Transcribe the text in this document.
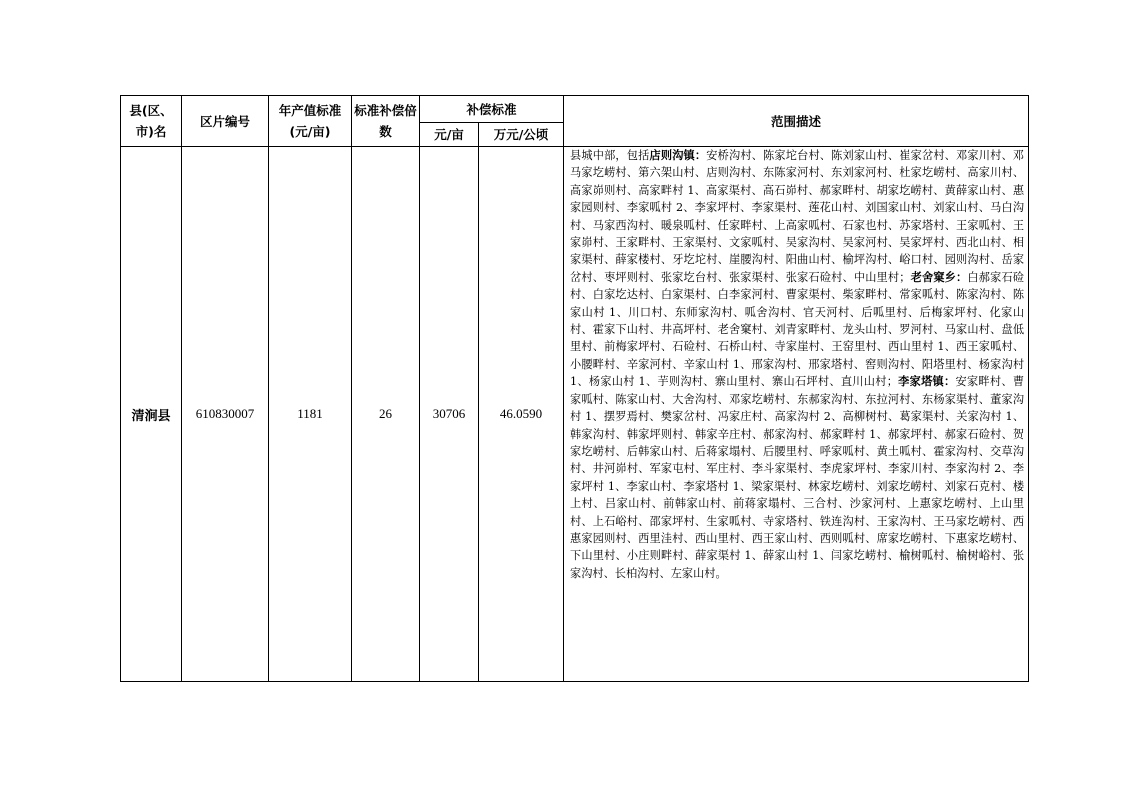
县(区、市)名	区片编号	年产值标准(元/亩)	标准补偿倍数	补偿标准		范围描述
				元/亩	万元/公顷	
清涧县	610830007	1181	26	30706	46.0590	县城中部，包括店则沟镇：安桥沟村、陈家坨台村、陈刘家山村、崔家岔村、邓家川村、邓马家圪崂村、第六架山村、店则沟村、东陈家河村、东刘家河村、杜家圪崂村、高家川村、高家峁则村、高家畔村 1、高家渠村、高石峁村、郝家畔村、胡家圪崂村、黄薛家山村、惠家园则村、李家呱村 2、李家坪村、李家渠村、莲花山村、刘国家山村、刘家山村、马白沟村、马家西沟村、暖泉呱村、任家畔村、上高家呱村、石家也村、苏家塔村、王家呱村、王家峁村、王家畔村、王家渠村、文家呱村、吴家沟村、吴家河村、吴家坪村、西北山村、相家渠村、薛家楼村、牙圪坨村、崖腰沟村、阳曲山村、榆坪沟村、峪口村、园则沟村、岳家岔村、枣坪则村、张家圪台村、张家渠村、张家石硷村、中山里村；老舍窠乡：白郝家石硷村、白家圪达村、白家渠村、白李家河村、曹家渠村、柴家畔村、常家呱村、陈家沟村、陈家山村 1、川口村、东师家沟村、呱舍沟村、官天河村、后呱里村、后梅家坪村、化家山村、霍家下山村、井高坪村、老舍窠村、刘青家畔村、龙头山村、罗河村、马家山村、盘低里村、前梅家坪村、石硷村、石桥山村、寺家崖村、王窑里村、西山里村 1、西王家呱村、小腰畔村、辛家河村、辛家山村 1、邢家沟村、邢家塔村、窖则沟村、阳塔里村、杨家沟村 1、杨家山村 1、芋则沟村、寨山里村、寨山石坪村、直川山村；李家塔镇：安家畔村、曹家呱村、陈家山村、大舍沟村、邓家圪崂村、东郝家沟村、东拉河村、东杨家渠村、董家沟村 1、摆罗焉村、樊家岔村、冯家庄村、高家沟村 2、高柳树村、葛家渠村、关家沟村 1、韩家沟村、韩家坪则村、韩家辛庄村、郝家沟村、郝家畔村 1、郝家坪村、郝家石硷村、贺家圪崂村、后韩家山村、后蒋家塌村、后腰里村、呼家呱村、黄土呱村、霍家沟村、交草沟村、井河峁村、军家屯村、军庄村、李斗家渠村、李虎家坪村、李家川村、李家沟村 2、李家坪村 1、李家山村、李家塔村 1、梁家渠村、林家圪崂村、刘家圪崂村、刘家石克村、楼上村、吕家山村、前韩家山村、前蒋家塌村、三合村、沙家河村、上惠家圪崂村、上山里村、上石峪村、邵家坪村、生家呱村、寺家塔村、铁连沟村、王家沟村、王马家圪崂村、西惠家园则村、西里洼村、西山里村、西王家山村、西则呱村、席家圪崂村、下惠家圪崂村、下山里村、小庄则畔村、薛家渠村 1、薛家山村 1、闫家圪崂村、榆树呱村、榆树峪村、张家沟村、长柏沟村、左家山村。
